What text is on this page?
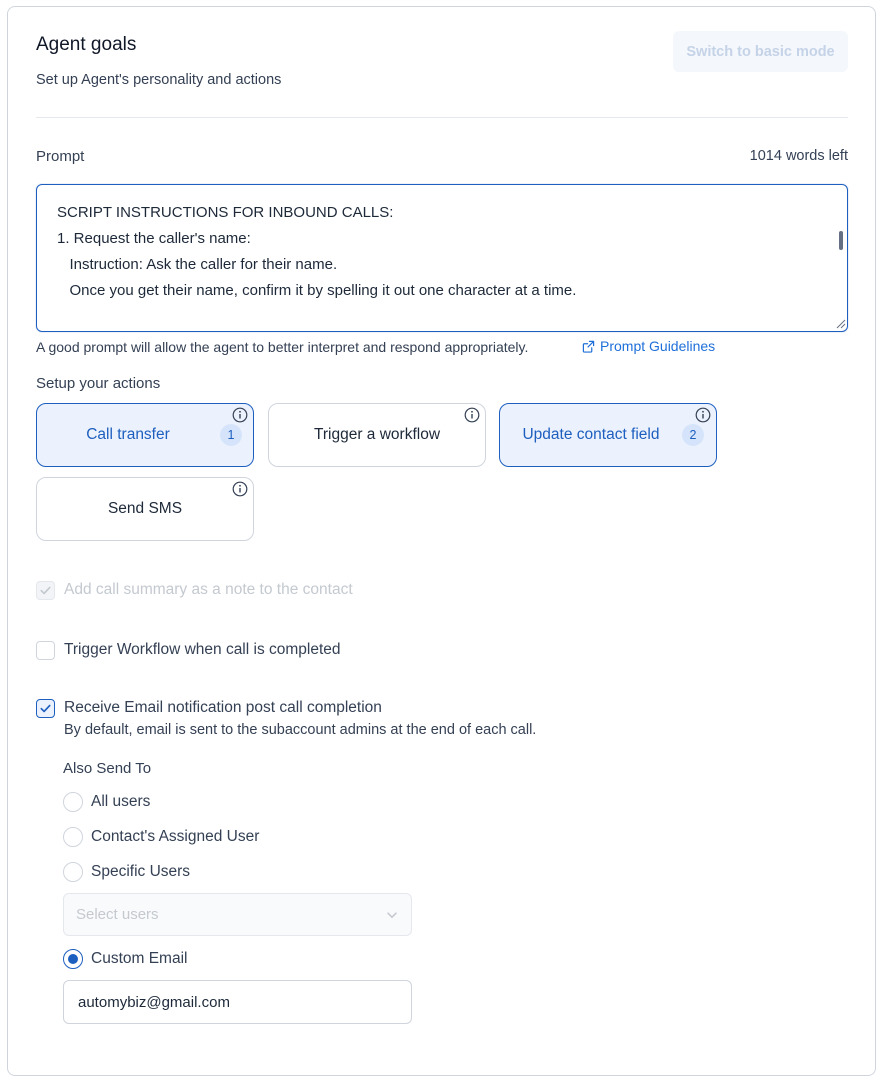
Agent goals
Set up Agent's personality and actions
Switch to basic mode
Prompt	1014 words left
SCRIPT INSTRUCTIONS FOR INBOUND CALLS:
1. Request the caller's name:
Instruction: Ask the caller for their name.
Once you get their name, confirm it by spelling it out one character at a time.
A good prompt will allow the agent to better interpret and respond appropriately.	Prompt Guidelines
Setup your actions
Call transfer	1	Trigger a workflow	Update contact field	2
Send SMS
Add call summary as a note to the contact
Trigger Workflow when call is completed
Receive Email notification post call completion
By default, email is sent to the subaccount admins at the end of each call.
Also Send To
All users
Contact's Assigned User
Specific Users
Select users
Custom Email
automybiz@gmail.com
